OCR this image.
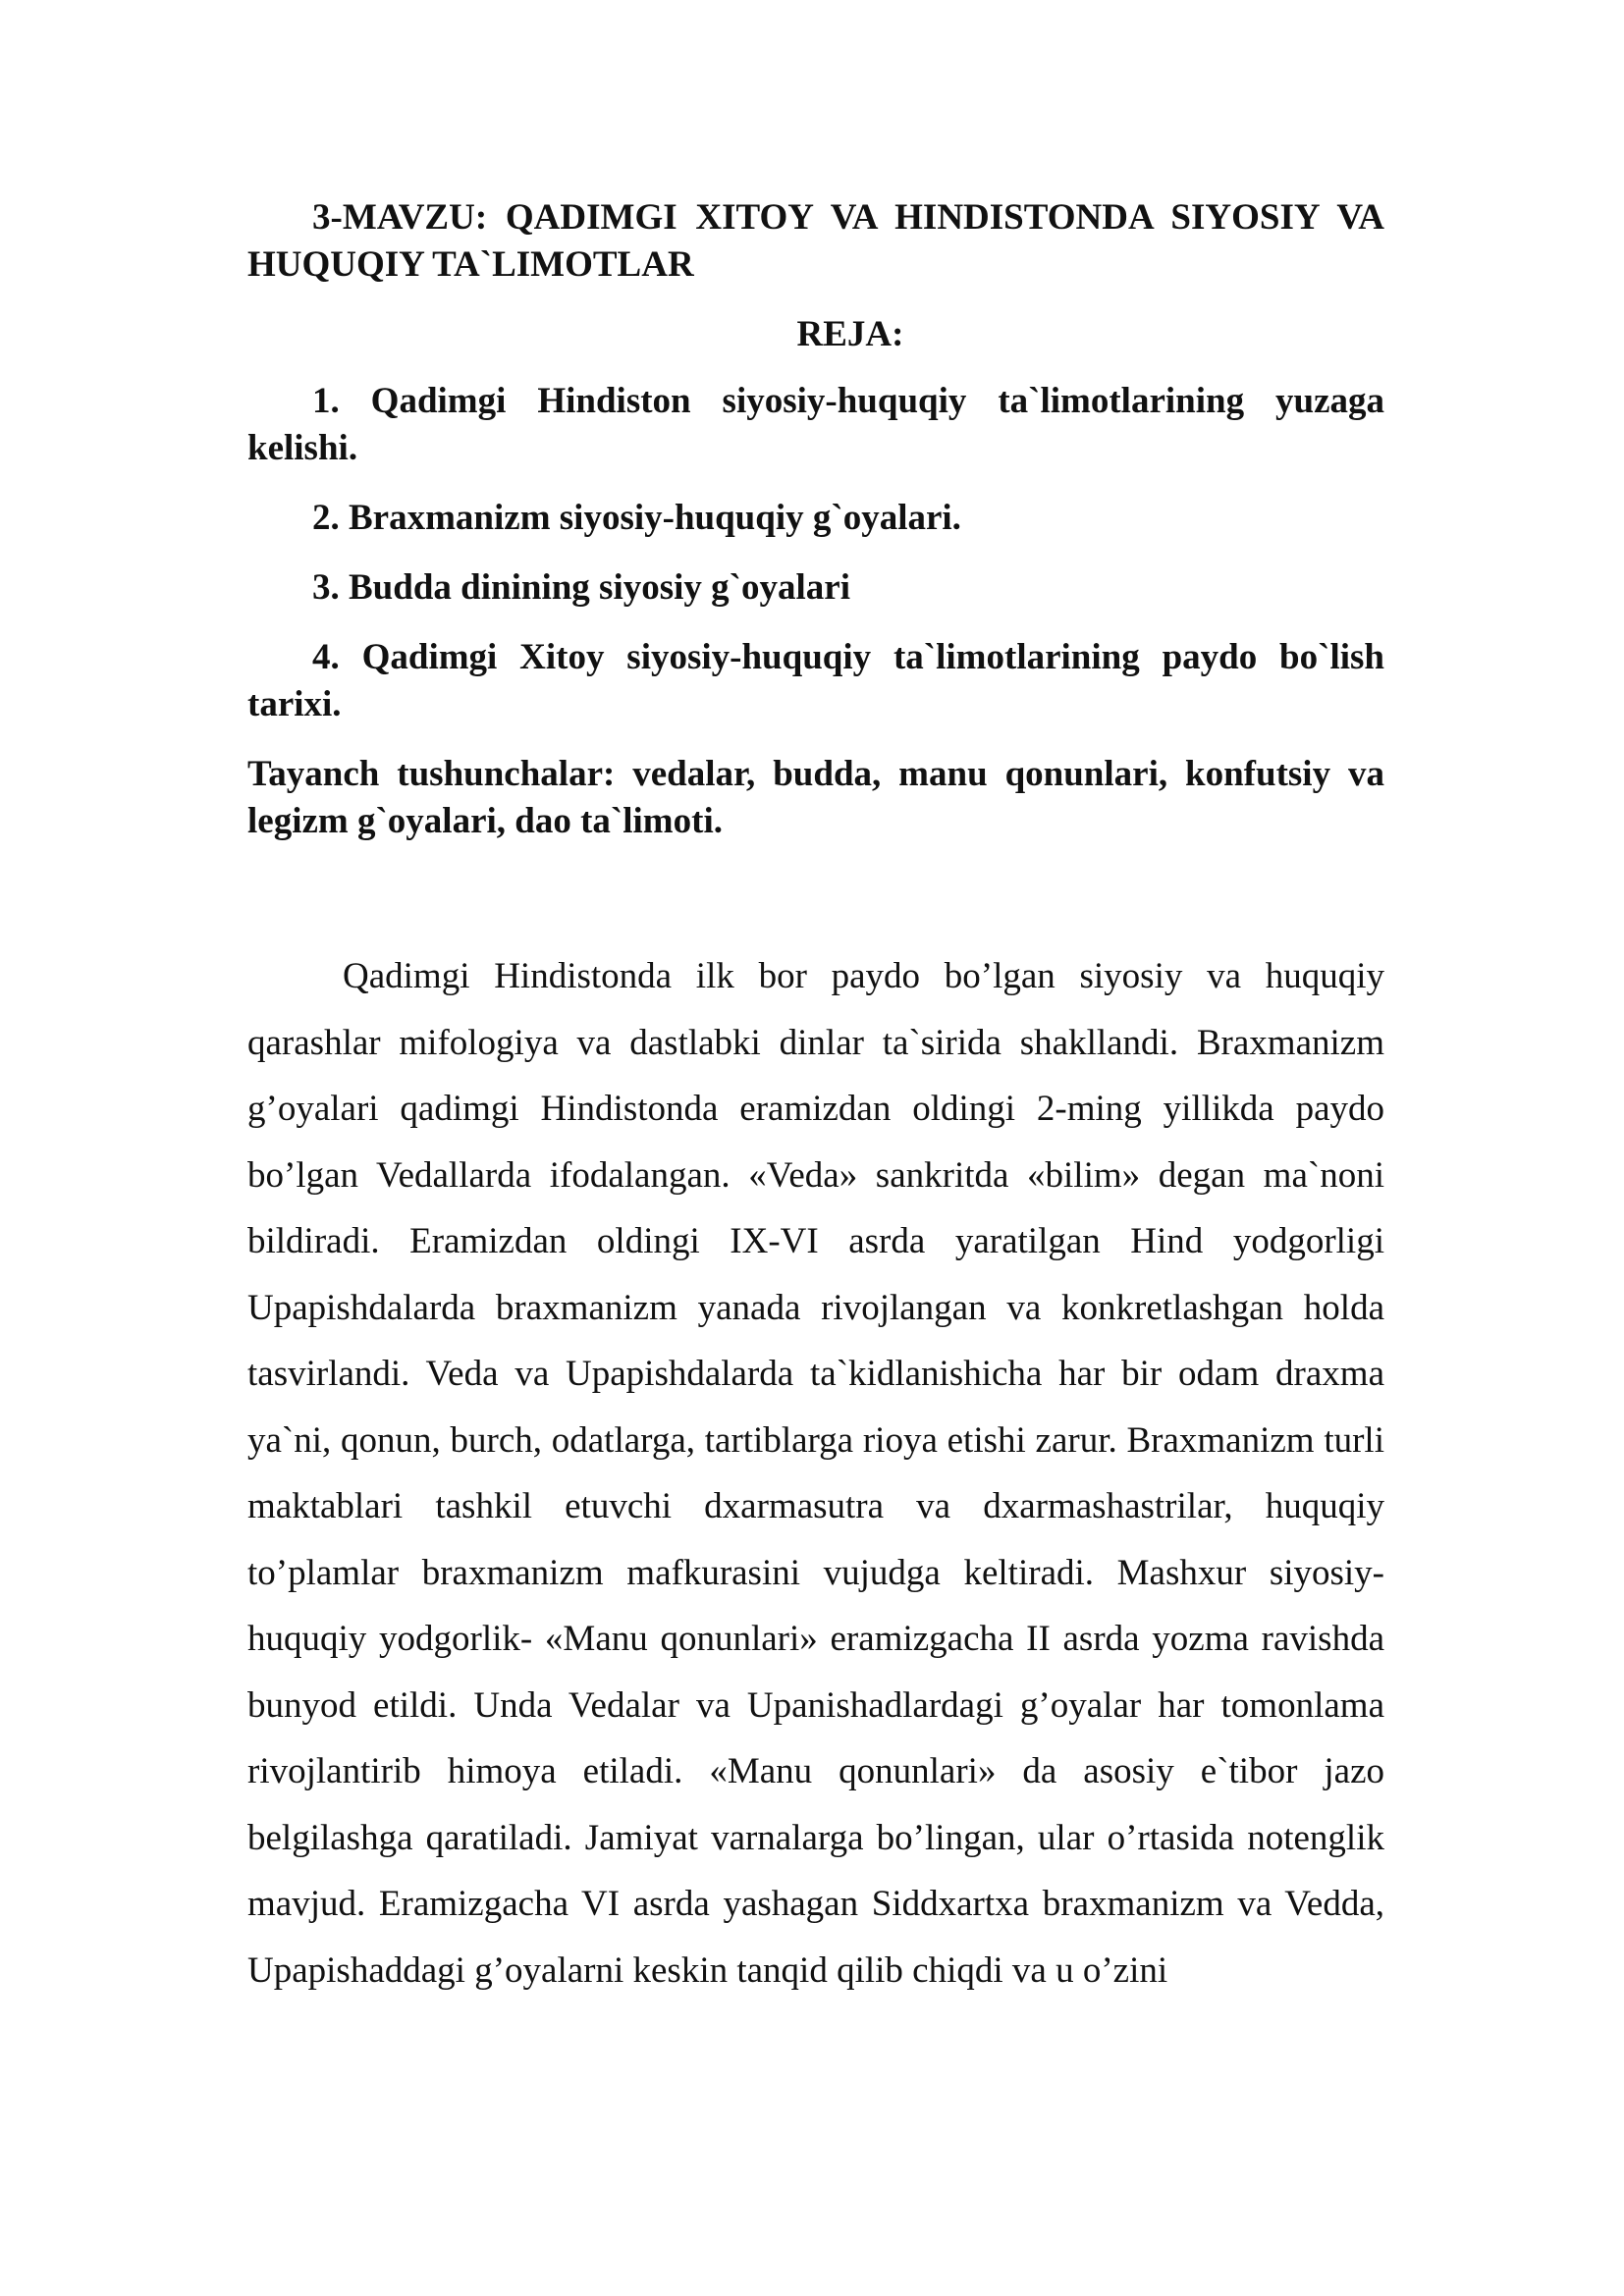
3-MAVZU: QADIMGI XITOY VA HINDISTONDA SIYOSIY VA HUQUQIY TA`LIMOTLAR

REJA:

1. Qadimgi Hindiston siyosiy-huquqiy ta`limotlarining yuzaga kelishi.
2. Braxmanizm siyosiy-huquqiy g`oyalari.
3. Budda dinining siyosiy g`oyalari
4. Qadimgi Xitoy siyosiy-huquqiy ta`limotlarining paydo bo`lish tarixi.

Tayanch tushunchalar: vedalar, budda, manu qonunlari, konfutsiy va legizm g`oyalari, dao ta`limoti.

Qadimgi Hindistonda ilk bor paydo bo’lgan siyosiy va huquqiy qarashlar mifologiya va dastlabki dinlar ta`sirida shakllandi. Braxmanizm g’oyalari qadimgi Hindistonda eramizdan oldingi 2-ming yillikda paydo bo’lgan Vedallarda ifodalangan. «Veda» sankritda «bilim» degan ma`noni bildiradi. Eramizdan oldingi IX-VI asrda yaratilgan Hind yodgorligi Upapishdalarda braxmanizm yanada rivojlangan va konkretlashgan holda tasvirlandi. Veda va Upapishdalarda ta`kidlanishicha har bir odam draxma ya`ni, qonun, burch, odatlarga, tartiblarga rioya etishi zarur. Braxmanizm turli maktablari tashkil etuvchi dxarmasutra va dxarmashastrilar, huquqiy to’plamlar braxmanizm mafkurasini vujudga keltiradi. Mashxur siyosiy-huquqiy yodgorlik- «Manu qonunlari» eramizgacha II asrda yozma ravishda bunyod etildi. Unda Vedalar va Upanishadlardagi g’oyalar har tomonlama rivojlantirib himoya etiladi. «Manu qonunlari» da asosiy e`tibor jazo belgilashga qaratiladi. Jamiyat varnalarga bo’lingan, ular o’rtasida notenglik mavjud. Eramizgacha VI asrda yashagan Siddxartxa braxmanizm va Vedda, Upapishaddagi g’oyalarni keskin tanqid qilib chiqdi va u o’zini
